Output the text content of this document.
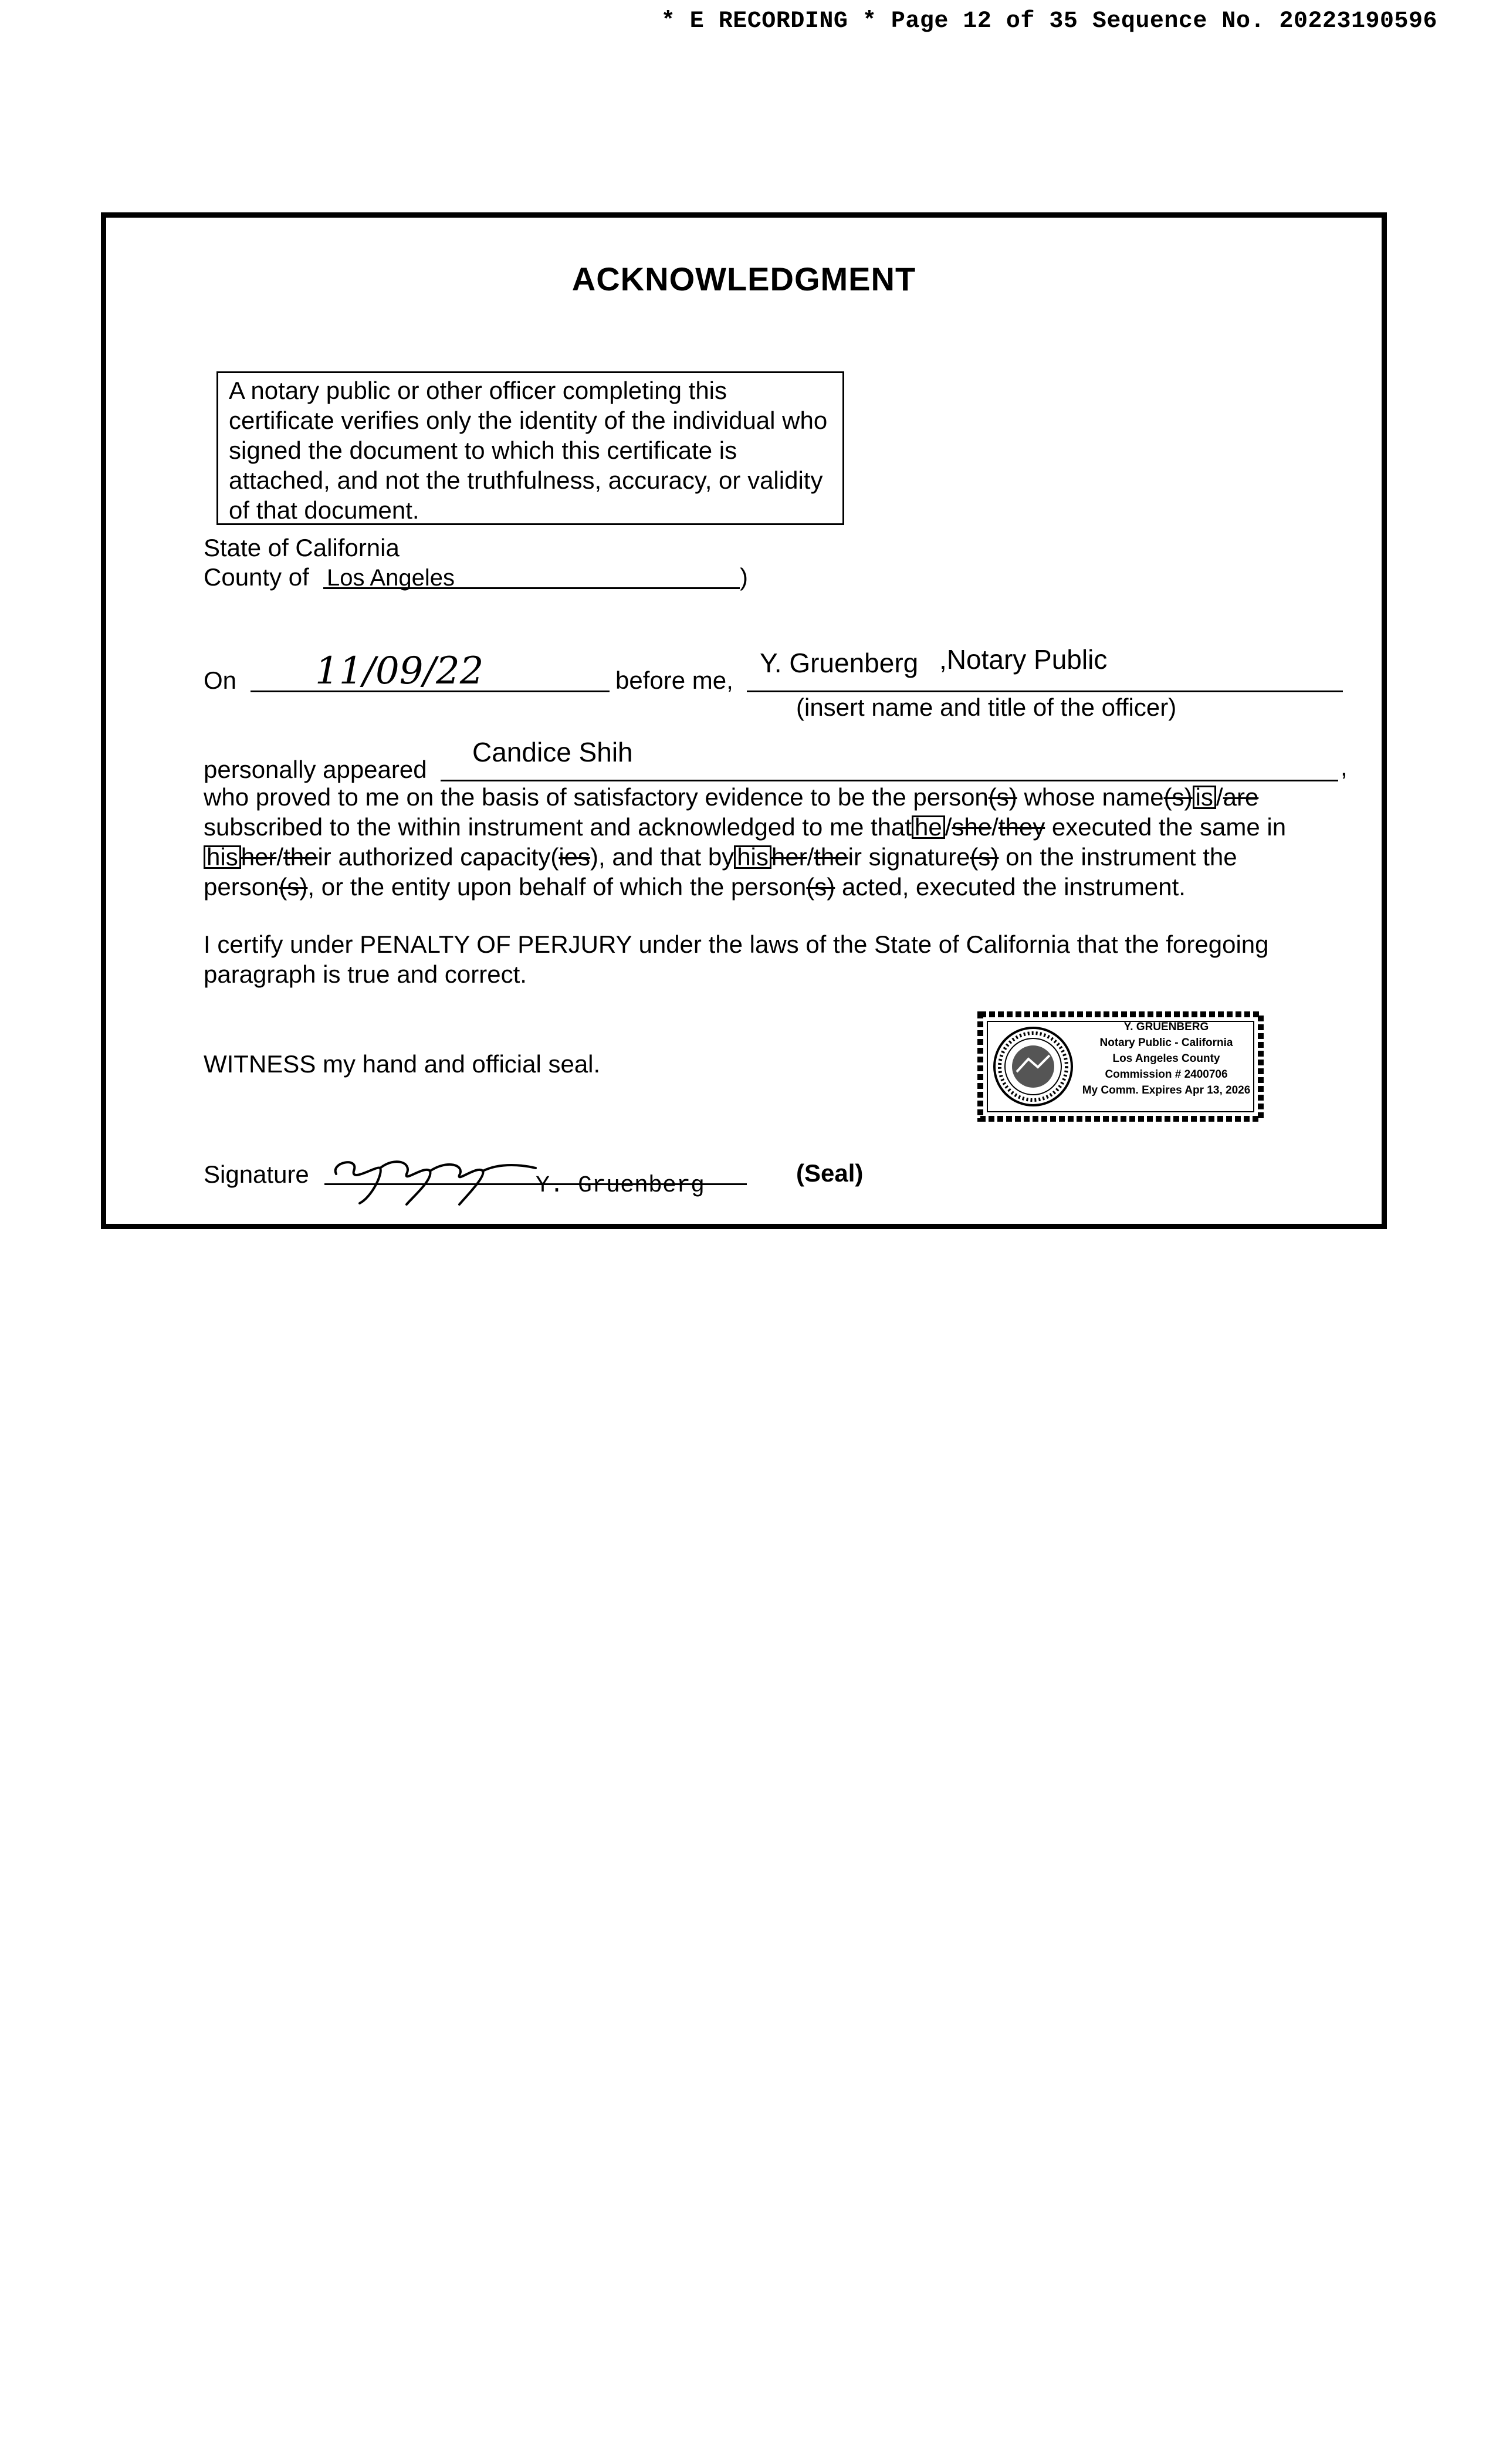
* E RECORDING * Page 12 of 35 Sequence No. 20223190596
ACKNOWLEDGMENT
A notary public or other officer completing this certificate verifies only the identity of the individual who signed the document to which this certificate is attached, and not the truthfulness, accuracy, or validity of that document.
State of California
County of Los Angeles	)
On 11/09/22	before me,
Y. Gruenberg ,Notary Public
(insert name and title of the officer)
personally appeared
Candice Shih	,
who proved to me on the basis of satisfactory evidence to be the person(s) whose name(s) is /are
subscribed to the within instrument and acknowledged to me that he /she/they executed the same in
his her/their authorized capacity(ies), and that by his her/their signature(s) on the instrument the
person(s), or the entity upon behalf of which the person(s) acted, executed the instrument.
I certify under PENALTY OF PERJURY under the laws of the State of California that the foregoing
paragraph is true and correct.
WITNESS my hand and official seal.
Y. GRUENBERG
Notary Public - California
Los Angeles County
Commission # 2400706
My Comm. Expires Apr 13, 2026
Signature	Y. Gruenberg	(Seal)
